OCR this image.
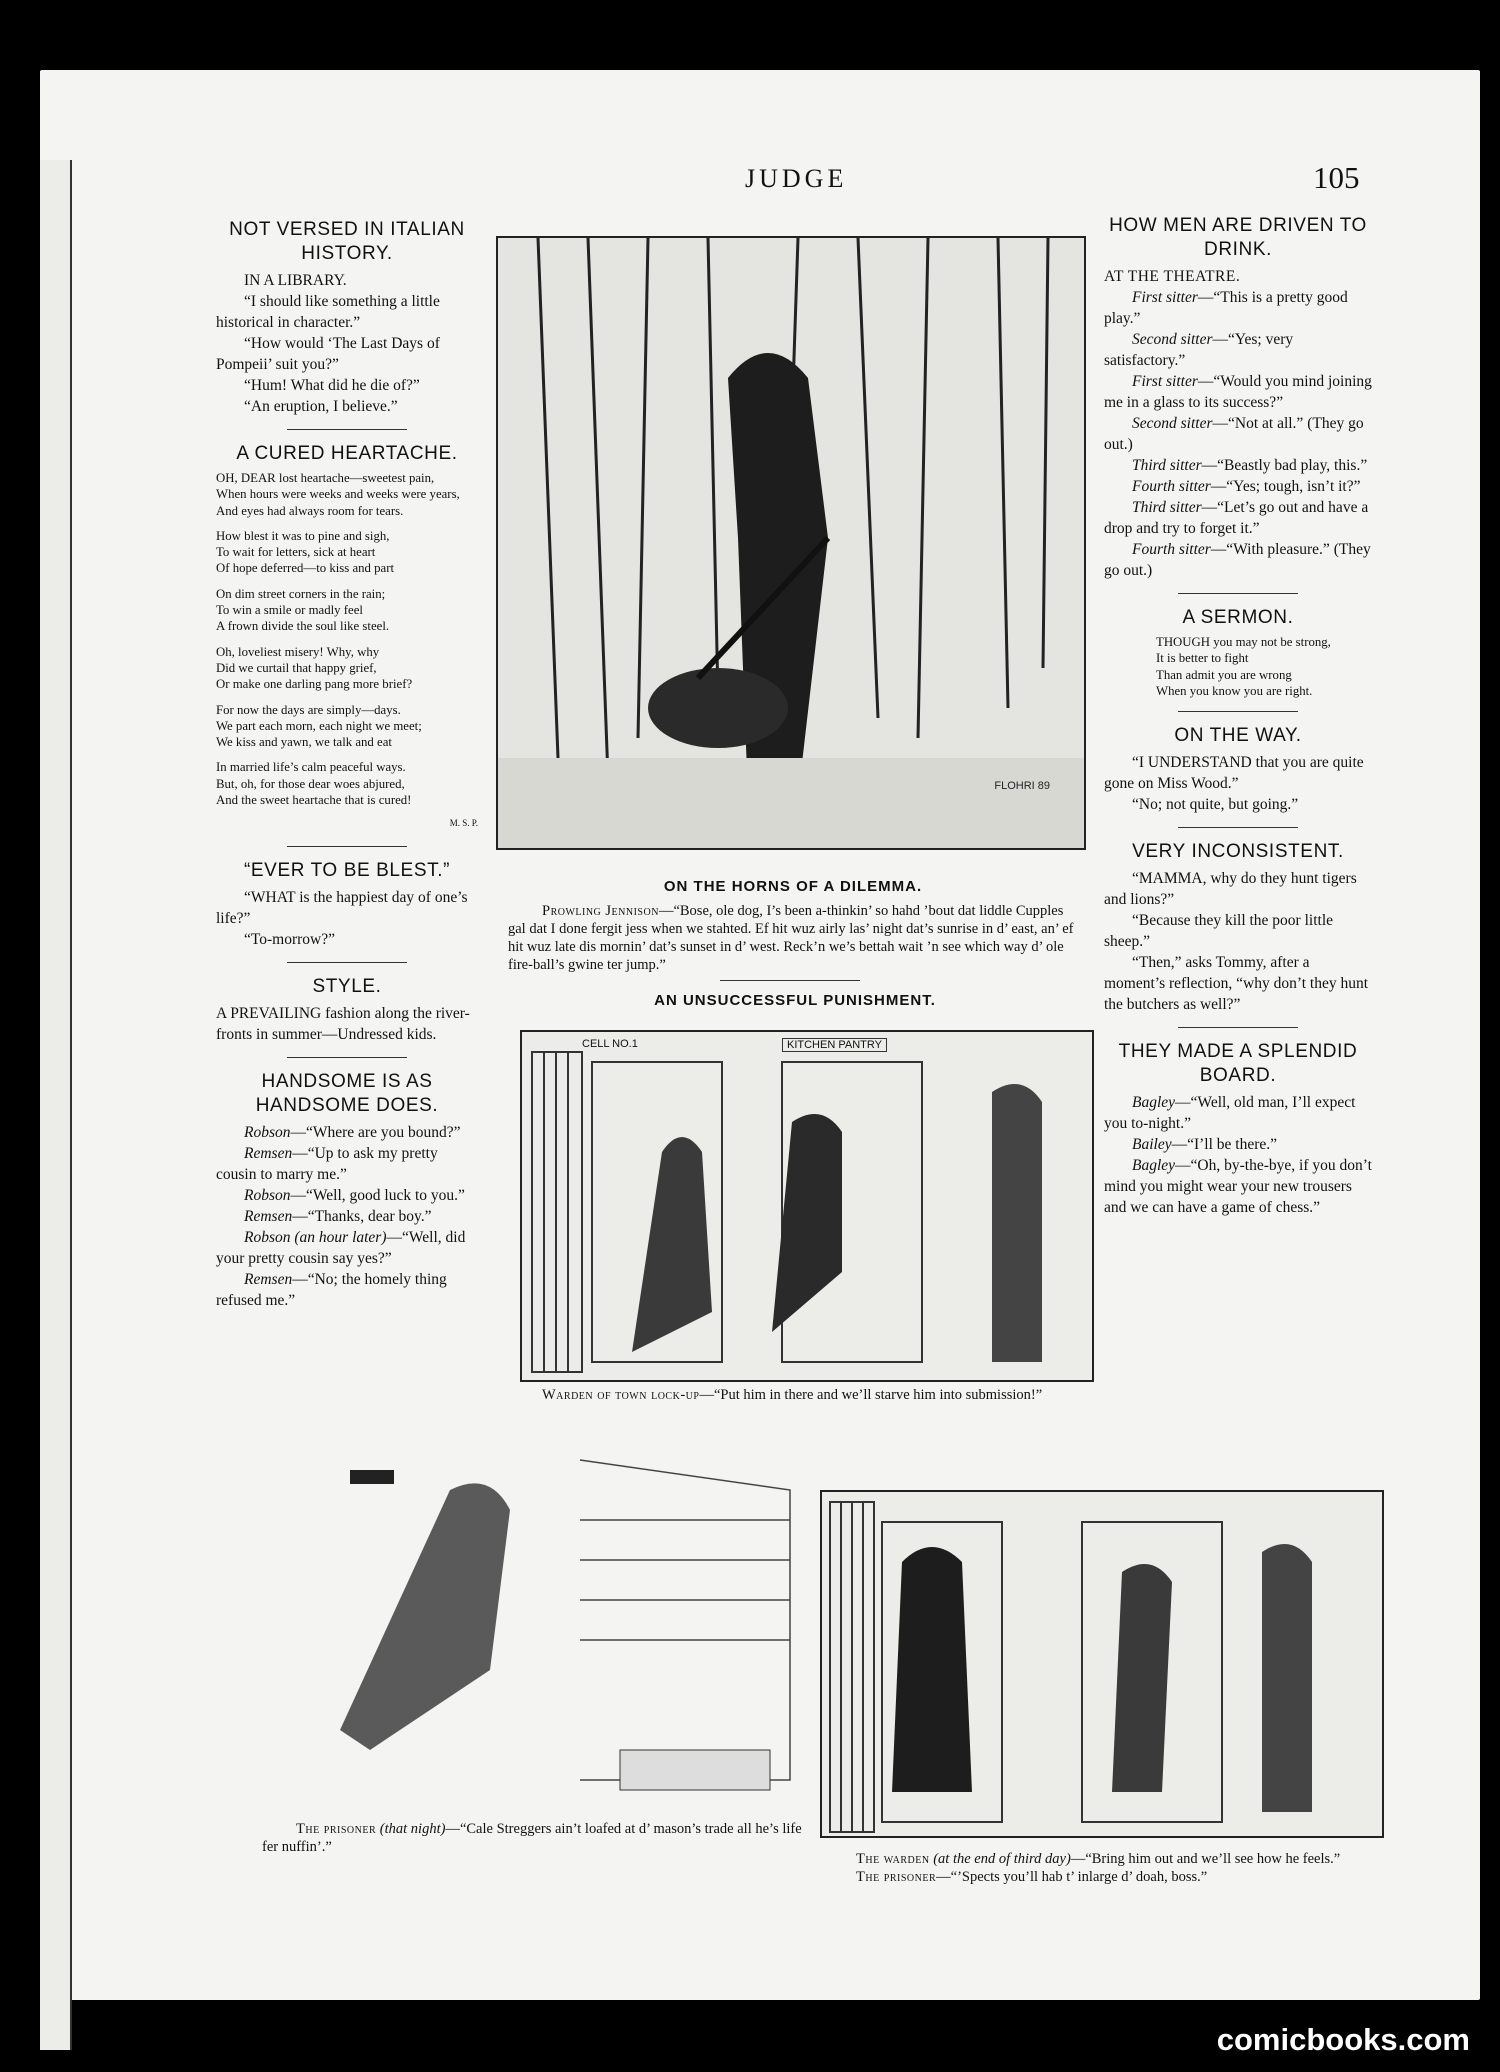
JUDGE	105
NOT VERSED IN ITALIAN HISTORY.

IN A LIBRARY.

“I should like something a little historical in character.”

“How would ‘The Last Days of Pompeii’ suit you?”

“Hum! What did he die of?”

“An eruption, I believe.”

A CURED HEARTACHE.

OH, DEAR lost heartache—sweetest pain,

When hours were weeks and weeks were years,

And eyes had always room for tears.

How blest it was to pine and sigh,

To wait for letters, sick at heart

Of hope deferred—to kiss and part

On dim street corners in the rain;

To win a smile or madly feel

A frown divide the soul like steel.

Oh, loveliest misery! Why, why

Did we curtail that happy grief,

Or make one darling pang more brief?

For now the days are simply—days.

We part each morn, each night we meet;

We kiss and yawn, we talk and eat

In married life’s calm peaceful ways.

But, oh, for those dear woes abjured,

And the sweet heartache that is cured!

M. S. P.

“EVER TO BE BLEST.”

“WHAT is the happiest day of one’s life?”

“To-morrow?”

STYLE.

A PREVAILING fashion along the river-fronts in summer—Undressed kids.

HANDSOME IS AS HANDSOME DOES.

Robson—“Where are you bound?”

Remsen—“Up to ask my pretty cousin to marry me.”

Robson—“Well, good luck to you.”

Remsen—“Thanks, dear boy.”

Robson (an hour later)—“Well, did your pretty cousin say yes?”

Remsen—“No; the homely thing refused me.”

FLOHRI 89
ON THE HORNS OF A DILEMMA.

Prowling Jennison—“Bose, ole dog, I’s been a-thinkin’ so hahd ’bout dat liddle Cupples gal dat I done fergit jess when we stahted. Ef hit wuz airly las’ night dat’s sunrise in d’ east, an’ ef hit wuz late dis mornin’ dat’s sunset in d’ west. Reck’n we’s bettah wait ’n see which way d’ ole fire-ball’s gwine ter jump.”

AN UNSUCCESSFUL PUNISHMENT.
CELL NO.1	KITCHEN PANTRY

Warden of town lock-up—“Put him in there and we’ll starve him into submission!”

HOW MEN ARE DRIVEN TO DRINK.

AT THE THEATRE.

First sitter—“This is a pretty good play.”

Second sitter—“Yes; very satisfactory.”

First sitter—“Would you mind joining me in a glass to its success?”

Second sitter—“Not at all.” (They go out.)

Third sitter—“Beastly bad play, this.”

Fourth sitter—“Yes; tough, isn’t it?”

Third sitter—“Let’s go out and have a drop and try to forget it.”

Fourth sitter—“With pleasure.” (They go out.)

A SERMON.

THOUGH you may not be strong,

It is better to fight

Than admit you are wrong

When you know you are right.

ON THE WAY.

“I UNDERSTAND that you are quite gone on Miss Wood.”

“No; not quite, but going.”

VERY INCONSISTENT.

“MAMMA, why do they hunt tigers and lions?”

“Because they kill the poor little sheep.”

“Then,” asks Tommy, after a moment’s reflection, “why don’t they hunt the butchers as well?”

THEY MADE A SPLENDID BOARD.

Bagley—“Well, old man, I’ll expect you to-night.”

Bailey—“I’ll be there.”

Bagley—“Oh, by-the-bye, if you don’t mind you might wear your new trousers and we can have a game of chess.”

The prisoner (that night)—“Cale Streggers ain’t loafed at d’ mason’s trade all he’s life fer nuffin’.”

The warden (at the end of third day)—“Bring him out and we’ll see how he feels.”

The prisoner—“’Spects you’ll hab t’ inlarge d’ doah, boss.”

comicbooks.com
